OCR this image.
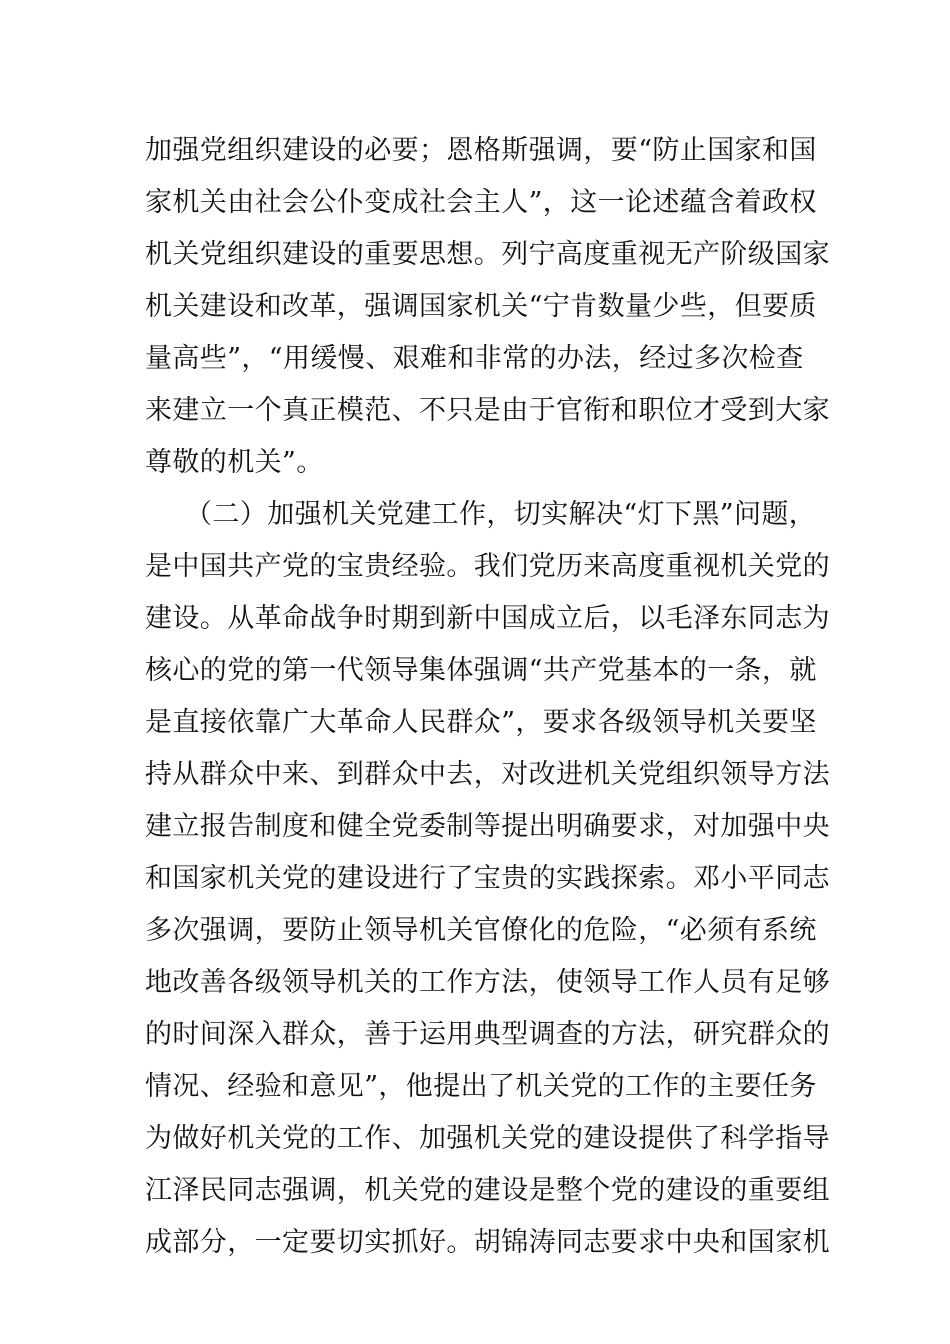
加强党组织建设的必要；恩格斯强调，要“防止国家和国
家机关由社会公仆变成社会主人”，这一论述蕴含着政权
机关党组织建设的重要思想。列宁高度重视无产阶级国家
机关建设和改革，强调国家机关“宁肯数量少些，但要质
量高些”，“用缓慢、艰难和非常的办法，经过多次检查
来建立一个真正模范、不只是由于官衔和职位才受到大家
尊敬的机关”。
（二）加强机关党建工作，切实解决“灯下黑”问题，
是中国共产党的宝贵经验。我们党历来高度重视机关党的
建设。从革命战争时期到新中国成立后，以毛泽东同志为
核心的党的第一代领导集体强调“共产党基本的一条，就
是直接依靠广大革命人民群众”，要求各级领导机关要坚
持从群众中来、到群众中去，对改进机关党组织领导方法
建立报告制度和健全党委制等提出明确要求，对加强中央
和国家机关党的建设进行了宝贵的实践探索。邓小平同志
多次强调，要防止领导机关官僚化的危险，“必须有系统
地改善各级领导机关的工作方法，使领导工作人员有足够
的时间深入群众，善于运用典型调查的方法，研究群众的
情况、经验和意见”，他提出了机关党的工作的主要任务
为做好机关党的工作、加强机关党的建设提供了科学指导
江泽民同志强调，机关党的建设是整个党的建设的重要组
成部分，一定要切实抓好。胡锦涛同志要求中央和国家机
